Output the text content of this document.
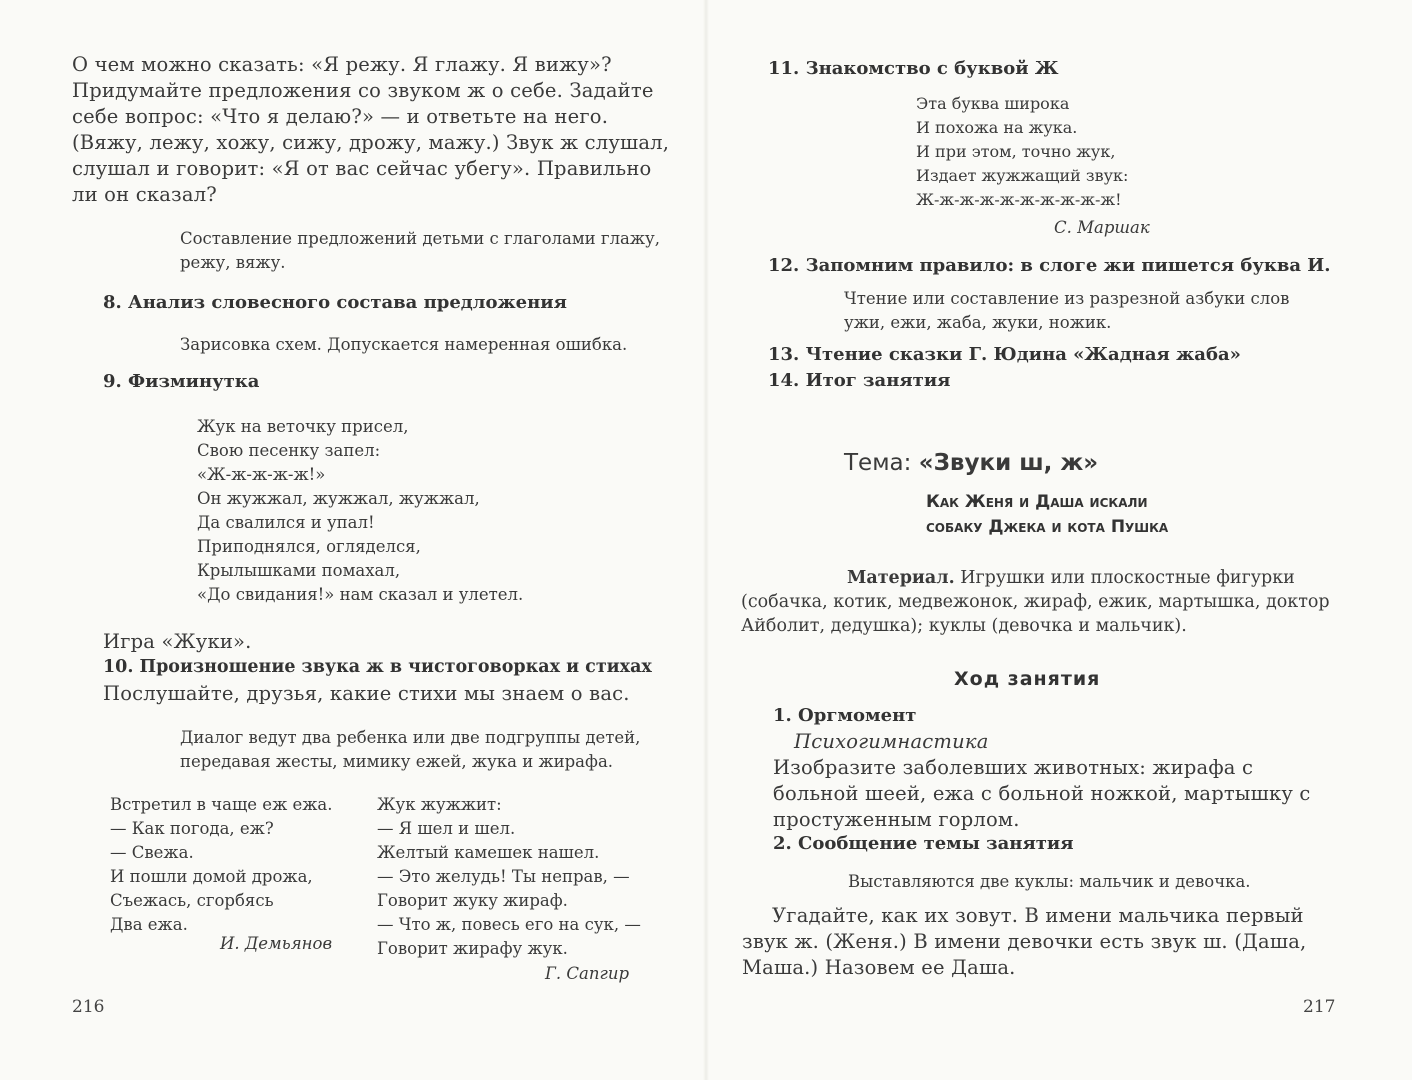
О чем можно сказать: «Я режу. Я глажу. Я вижу»? Придумайте предложения со звуком ж о себе. Задайте себе вопрос: «Что я делаю?» — и ответьте на него. (Вяжу, лежу, хожу, сижу, дрожу, мажу.) Звук ж слушал, слушал и говорит: «Я от вас сейчас убегу». Правильно ли он сказал?
Составление предложений детьми с глаголами глажу, режу, вяжу.
8. Анализ словесного состава предложения
Зарисовка схем. Допускается намеренная ошибка.
9. Физминутка
Жук на веточку присел,
Свою песенку запел:
«Ж-ж-ж-ж-ж!»
Он жужжал, жужжал, жужжал,
Да свалился и упал!
Приподнялся, огляделся,
Крылышками помахал,
«До свидания!» нам сказал и улетел.
Игра «Жуки».
10. Произношение звука ж в чистоговорках и стихах
Послушайте, друзья, какие стихи мы знаем о вас.
Диалог ведут два ребенка или две подгруппы детей, передавая жесты, мимику ежей, жука и жирафа.
Встретил в чаще еж ежа.
— Как погода, еж?
— Свежа.
И пошли домой дрожа,
Съежась, сгорбясь
Два ежа.
И. Демьянов
Жук жужжит:
— Я шел и шел.
Желтый камешек нашел.
— Это желудь! Ты неправ, —
Говорит жуку жираф.
— Что ж, повесь его на сук, —
Говорит жирафу жук.
Г. Сапгир
216
11. Знакомство с буквой Ж
Эта буква широка
И похожа на жука.
И при этом, точно жук,
Издает жужжащий звук:
Ж-ж-ж-ж-ж-ж-ж-ж-ж-ж!
С. Маршак
12. Запомним правило: в слоге жи пишется буква И.
Чтение или составление из разрезной азбуки слов ужи, ежи, жаба, жуки, ножик.
13. Чтение сказки Г. Юдина «Жадная жаба»
14. Итог занятия
Тема: «Звуки ш, ж»
Как Женя и Даша искали
собаку Джека и кота Пушка
Материал. Игрушки или плоскостные фигурки (собачка, котик, медвежонок, жираф, ежик, мартышка, доктор Айболит, дедушка); куклы (девочка и мальчик).
Ход занятия
1. Оргмомент
Психогимнастика
Изобразите заболевших животных: жирафа с больной шеей, ежа с больной ножкой, мартышку с простуженным горлом.
2. Сообщение темы занятия
Выставляются две куклы: мальчик и девочка.
Угадайте, как их зовут. В имени мальчика первый звук ж. (Женя.) В имени девочки есть звук ш. (Даша, Маша.) Назовем ее Даша.
217
